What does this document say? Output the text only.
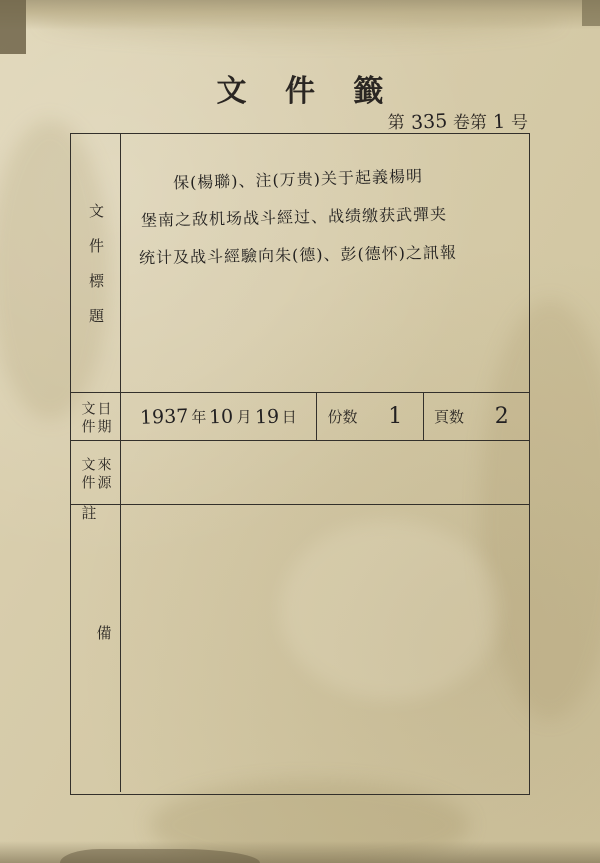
文 件 籤
第 335 卷第 1 号
文件標題
保(楊聯)、注(万贵)关于起義楊明
堡南之敌机场战斗經过、战绩缴获武彈夹
统计及战斗經驗向朱(德)、彭(德怀)之訊報
文件 日期 1937 年 10 月 19 日	份数	1	頁数	2
文件 來源
備註
